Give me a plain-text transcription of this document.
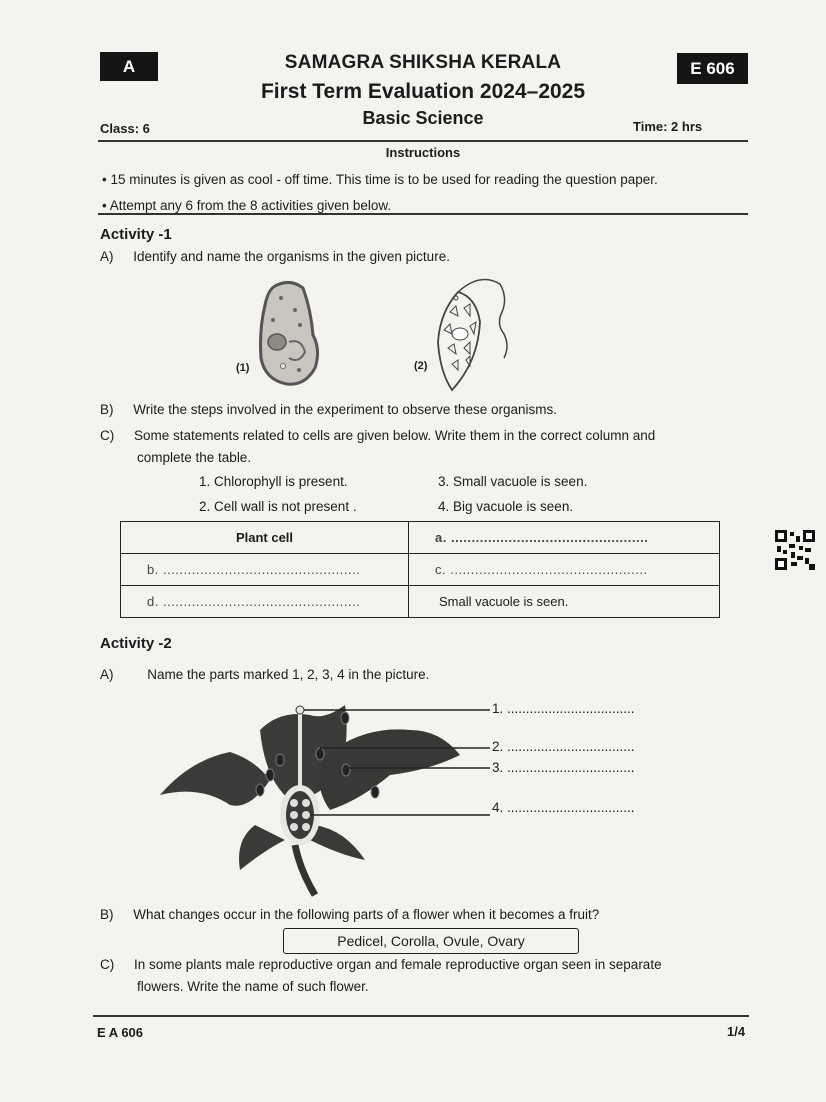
A	E 606
SAMAGRA SHIKSHA KERALA
First Term Evaluation 2024–2025
Basic Science
Class: 6	Time: 2 hrs
Instructions
• 15 minutes is given as cool - off time. This time is to be used for reading the question paper.
• Attempt any 6 from the 8 activities given below.
Activity -1
A) Identify and name the organisms in the given picture.
(1)	(2)
B) Write the steps involved in the experiment to observe these organisms.
C) Some statements related to cells are given below. Write them in the correct column and
complete the table.
1. Chlorophyll is present.
2. Cell wall is not present .
3. Small vacuole is seen.
4. Big vacuole is seen.
Plant cell	a. ................................................
b. ................................................	c. ................................................
d. ................................................	Small vacuole is seen.
Activity -2
A)	Name the parts marked 1, 2, 3, 4 in the picture.
1. ..................................
2. ..................................
3. ..................................
4. ..................................
B) What changes occur in the following parts of a flower when it becomes a fruit?
Pedicel, Corolla, Ovule, Ovary
C) In some plants male reproductive organ and female reproductive organ seen in separate
flowers. Write the name of such flower.
E A 606	1/4
